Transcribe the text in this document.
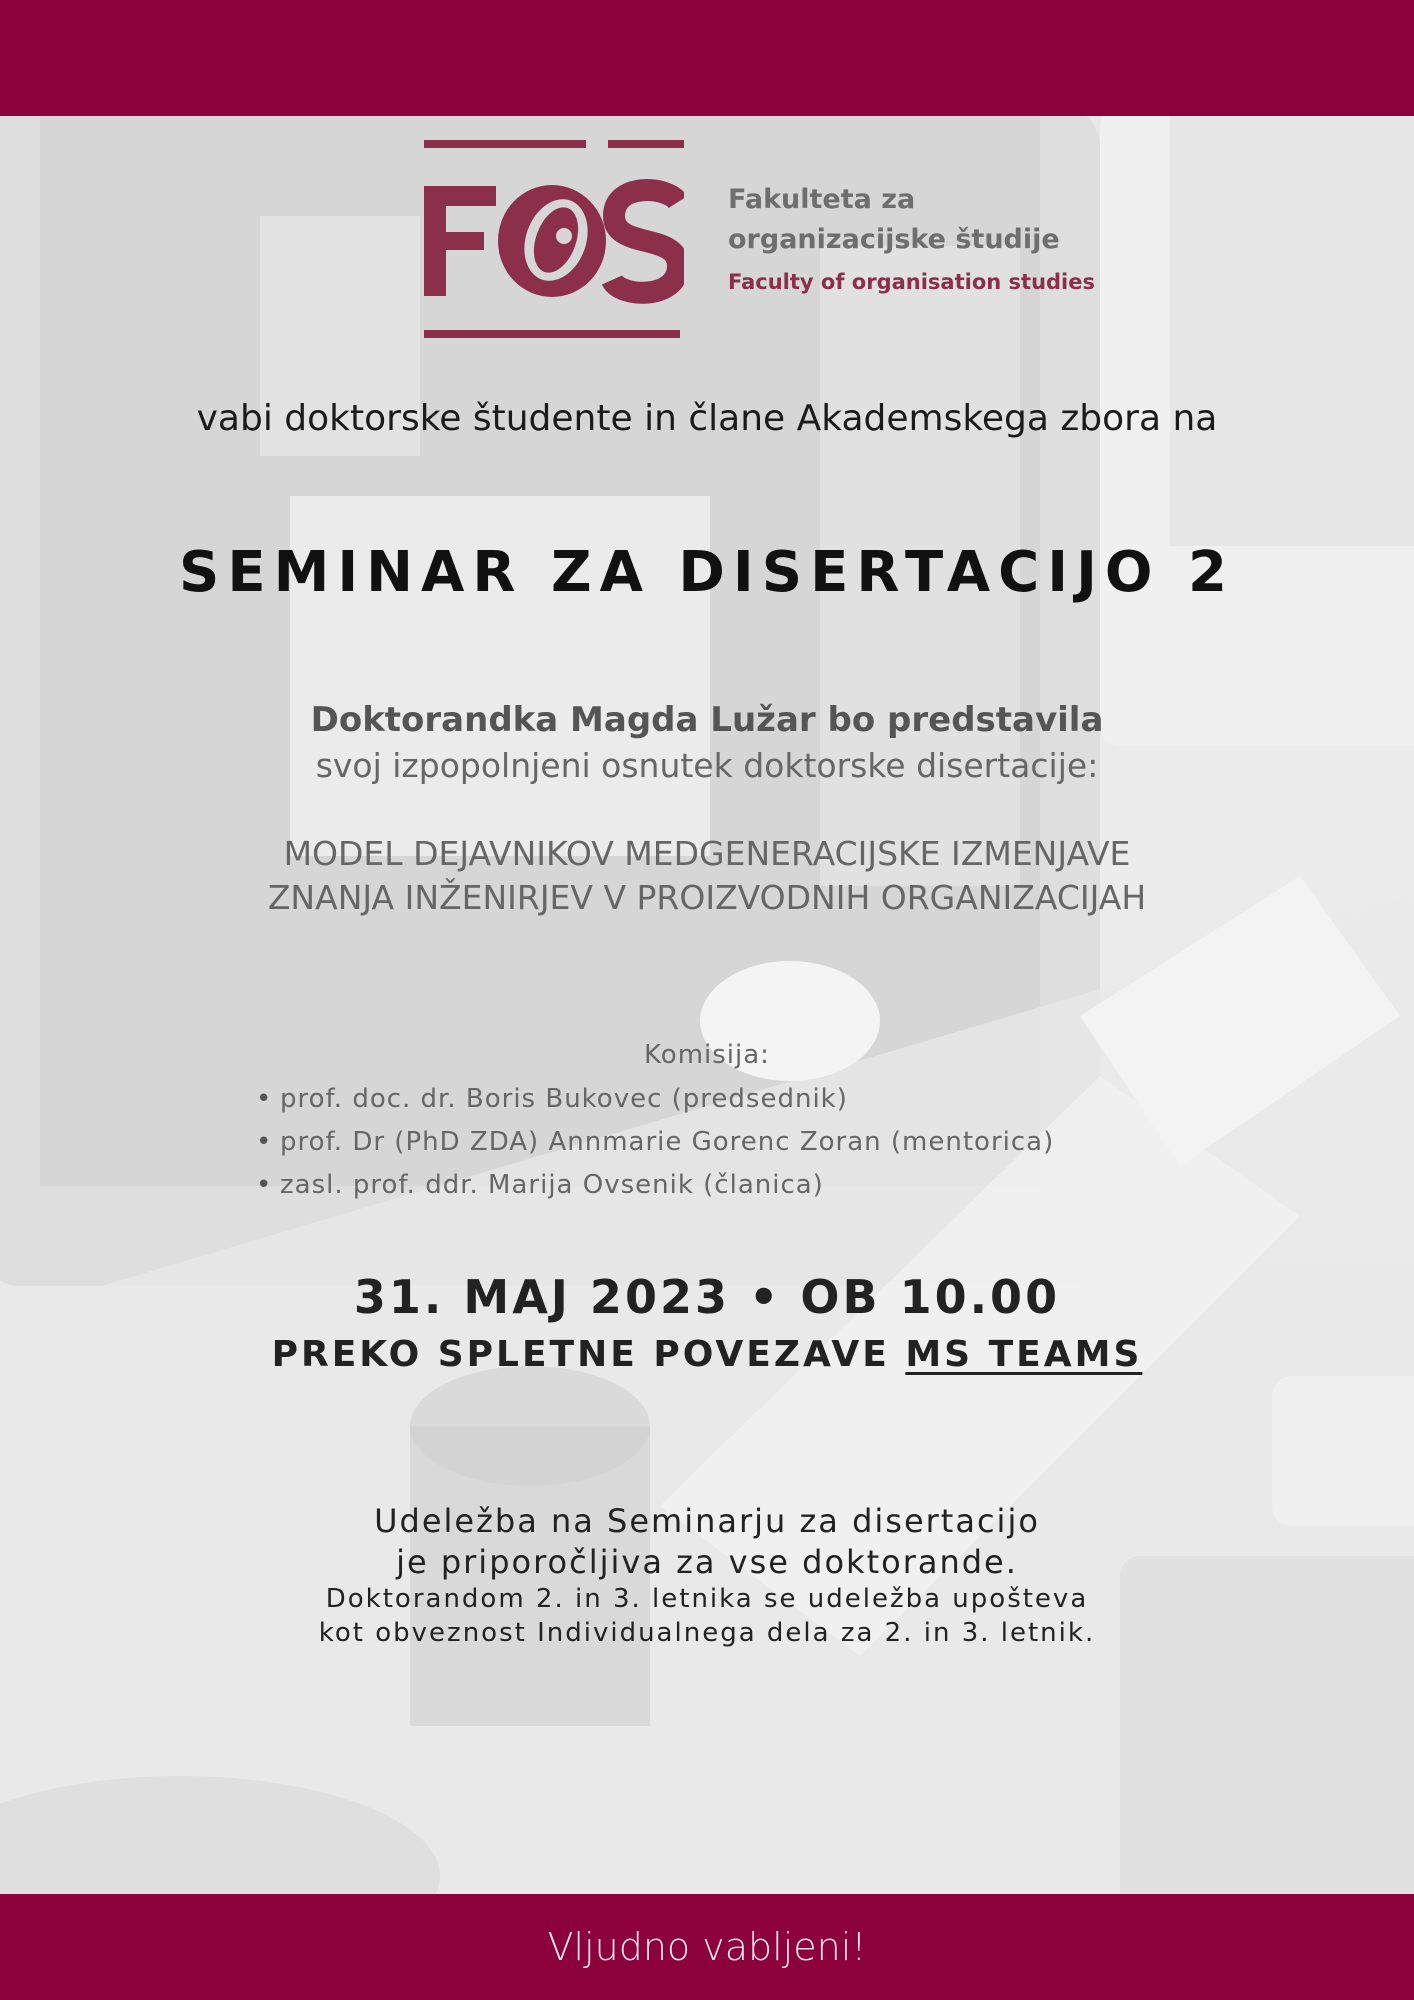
Fakulteta za
organizacijske študije
Faculty of organisation studies
vabi doktorske študente in člane Akademskega zbora na
SEMINAR ZA DISERTACIJO 2
Doktorandka Magda Lužar bo predstavila
svoj izpopolnjeni osnutek doktorske disertacije:
MODEL DEJAVNIKOV MEDGENERACIJSKE IZMENJAVE
ZNANJA INŽENIRJEV V PROIZVODNIH ORGANIZACIJAH
Komisija:
• prof. doc. dr. Boris Bukovec (predsednik)
• prof. Dr (PhD ZDA) Annmarie Gorenc Zoran (mentorica)
• zasl. prof. ddr. Marija Ovsenik (članica)
31. MAJ 2023 • OB 10.00
PREKO SPLETNE POVEZAVE MS TEAMS
Udeležba na Seminarju za disertacijo
je priporočljiva za vse doktorande.
Doktorandom 2. in 3. letnika se udeležba upošteva
kot obveznost Individualnega dela za 2. in 3. letnik.
Vljudno vabljeni!
